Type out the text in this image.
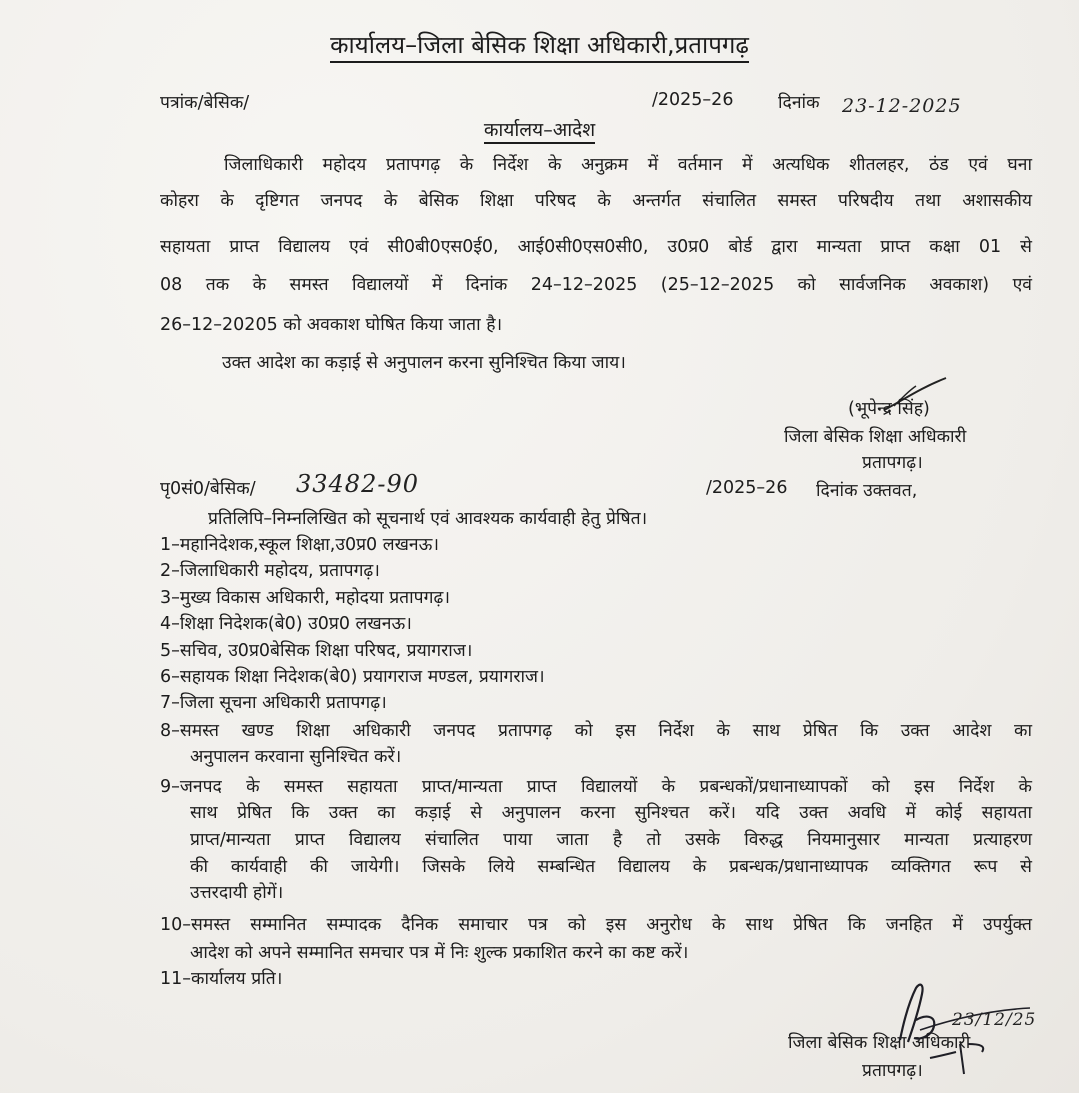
कार्यालय–जिला बेसिक शिक्षा अधिकारी,प्रतापगढ़
पत्रांक/बेसिक/	/2025–26	दिनांक 23-12-2025
कार्यालय–आदेश
जिलाधिकारी महोदय प्रतापगढ़ के निर्देश के अनुक्रम में वर्तमान में अत्यधिक शीतलहर, ठंड एवं घना
कोहरा के दृष्टिगत जनपद के बेसिक शिक्षा परिषद के अन्तर्गत संचालित समस्त परिषदीय तथा अशासकीय
सहायता प्राप्त विद्यालय एवं सी0बी0एस0ई0, आई0सी0एस0सी0, उ0प्र0 बोर्ड द्वारा मान्यता प्राप्त कक्षा 01 से
08 तक के समस्त विद्यालयों में दिनांक 24–12–2025 (25–12–2025 को सार्वजनिक अवकाश) एवं
26–12–20205 को अवकाश घोषित किया जाता है।
उक्त आदेश का कड़ाई से अनुपालन करना सुनिश्चित किया जाय।
(भूपेन्द्र सिंह)
जिला बेसिक शिक्षा अधिकारी
प्रतापगढ़।
पृ0सं0/बेसिक/ 33482-90	/2025–26 दिनांक उक्तवत,
प्रतिलिपि–निम्नलिखित को सूचनार्थ एवं आवश्यक कार्यवाही हेतु प्रेषित।
1–महानिदेशक,स्कूल शिक्षा,उ0प्र0 लखनऊ।
2–जिलाधिकारी महोदय, प्रतापगढ़।
3–मुख्य विकास अधिकारी, महोदया प्रतापगढ़।
4–शिक्षा निदेशक(बे0) उ0प्र0 लखनऊ।
5–सचिव, उ0प्र0बेसिक शिक्षा परिषद, प्रयागराज।
6–सहायक शिक्षा निदेशक(बे0) प्रयागराज मण्डल, प्रयागराज।
7–जिला सूचना अधिकारी प्रतापगढ़।
8–समस्त खण्ड शिक्षा अधिकारी जनपद प्रतापगढ़ को इस निर्देश के साथ प्रेषित कि उक्त आदेश का
अनुपालन करवाना सुनिश्चित करें।
9–जनपद के समस्त सहायता प्राप्त/मान्यता प्राप्त विद्यालयों के प्रबन्धकों/प्रधानाध्यापकों को इस निर्देश के
साथ प्रेषित कि उक्त का कड़ाई से अनुपालन करना सुनिश्चत करें। यदि उक्त अवधि में कोई सहायता
प्राप्त/मान्यता प्राप्त विद्यालय संचालित पाया जाता है तो उसके विरुद्ध नियमानुसार मान्यता प्रत्याहरण
की कार्यवाही की जायेगी। जिसके लिये सम्बन्धित विद्यालय के प्रबन्धक/प्रधानाध्यापक व्यक्तिगत रूप से
उत्तरदायी होगें।
10–समस्त सम्मानित सम्पादक दैनिक समाचार पत्र को इस अनुरोध के साथ प्रेषित कि जनहित में उपर्युक्त
आदेश को अपने सम्मानित समचार पत्र में निः शुल्क प्रकाशित करने का कष्ट करें।
11–कार्यालय प्रति।
जिला बेसिक शिक्षा अधिकारी
प्रतापगढ़।
23/12/25
